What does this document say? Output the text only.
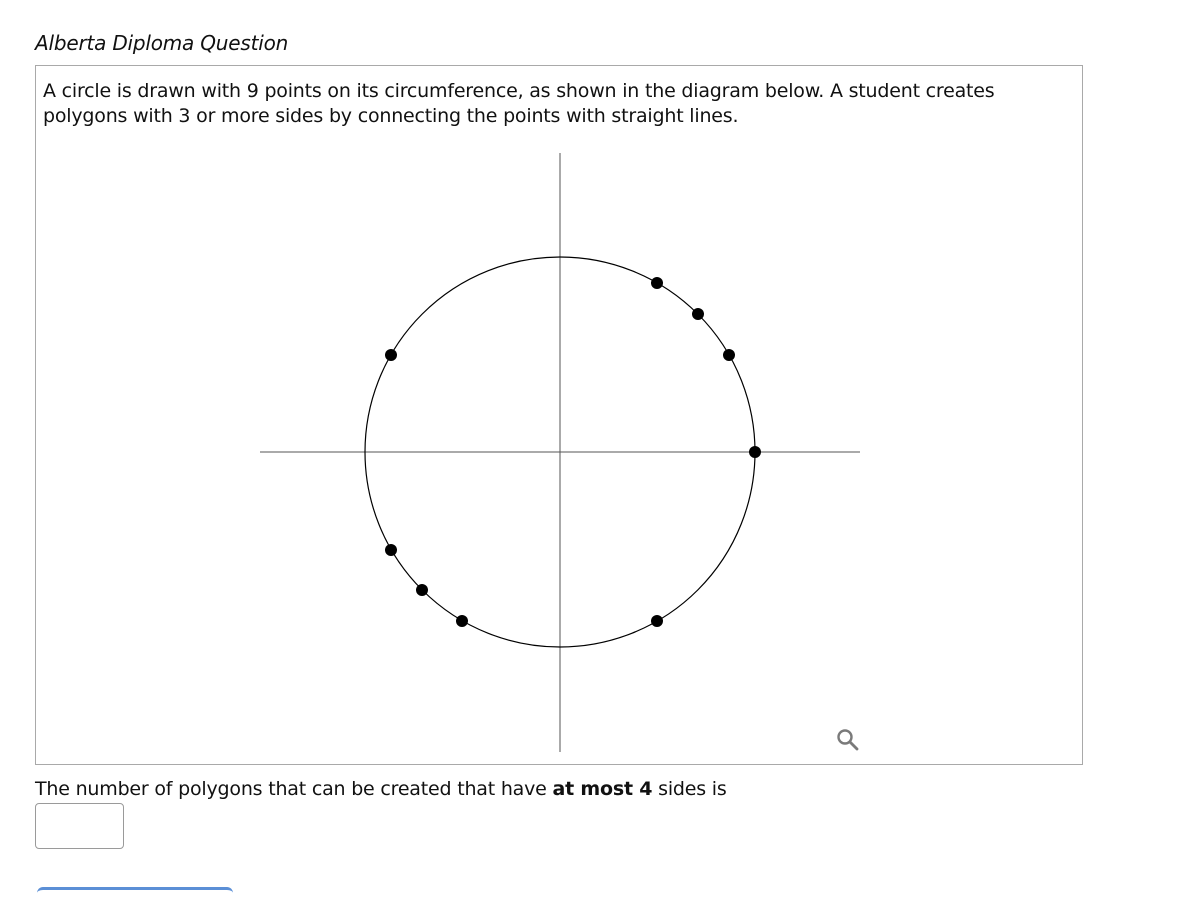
Alberta Diploma Question

A circle is drawn with 9 points on its circumference, as shown in the diagram below. A student creates polygons with 3 or more sides by connecting the points with straight lines.

The number of polygons that can be created that have at most 4 sides is
